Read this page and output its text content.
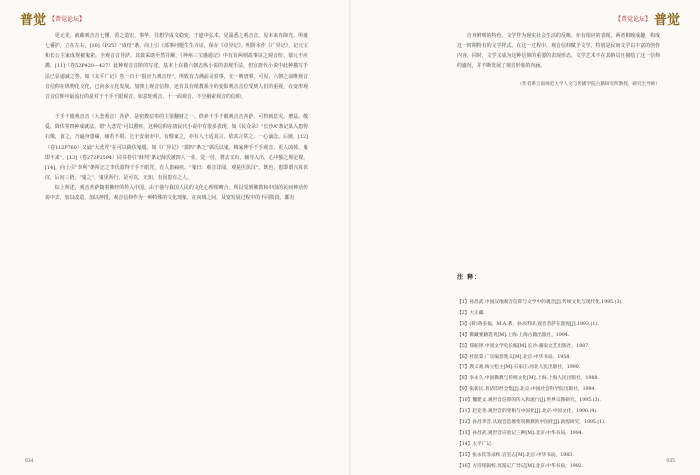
普觉 【普觉论坛】

更元羌，就蕨观音音七懂，香之造宏，事华，往想学成文稳变，于道中弘术，见淄悉之观音音，见本来肯降光，所诞七番护，立在左右，[10]《P25》“成结”条，向上引《部事问题生生寺证，保存《卓异记》。明阶本作《广异记》，记元宝和长公主家成规被鬼索，全观音音菩萨，其致采助至然并解，《神州三宝感通记》中有有两则故事证之观音纷。郁元不应灌。[11]（卷52P420—427）此种观音音阶的写述，基本上在微六朝志纵小说的表现手法，但宣唐代小说中此种描写手法已显递减之势。如《太平广记》卷一百十“报应九观音经”，所收有力满前灵验事，无一则唐事，可见，六朝之前唯观音音信仰在纵物化文化，已向多元化发展。加弹上观音信仰，还有具有纸教系全的变影观音音位受到人们的重视，在变形观音音信仰中最流行的是对于千手千眼观音、如意轮观音、十一面观音、不空羂索观音的信仰。

千手千眼观音音（大悲观音）菩萨，是密教信奉的主要翻财之一。供养千手千眼观音音菩萨，可得到息灾、增益、敬爱、降伏等四种成就法。谓“大悲咒”可以愈疾，这种信仰在唐民代小说中有很多表现。如《民众录》“长沙A”条记某入患得石像，食之，乃遍身患痫，痛若不堪。乞于安南市中，有缝家之，亦有人士适其言，依其言常之，一心诵念。后她，[12]（卷112P760）又诵“大悲咒”在可以降伏鬼缰。如《广异记》“郭四”条之“郭氏以鬼，梅家伸手千手观音，更人凶掉，鬼即不来”。[13]（卷272P2594）同书卷引“薛判”条记薛氏被四人一业，觉一付，将去又出，辅导入出，心中独之规定观。[14]，向上引“李利”条所记之李氏慕得千手千眼咒，有人患痫疾。“鬼曰：观音洋闻，观是医伏汉”。既也，患即谓兴真伏汉，后向三梧，“鬼之”，鬼见所行，是可以，无知，有因患有之人。

综上所述，观音菩萨随着佛经的传入中国，由于他与我国人民的文化心理相吻合，所以受到佛教和中国的民间神话传说中去，加以改造，加以神授，观音信仰作为一种特殊的文化现象，在向域之间，及宽发展过程中的不同阶段，都有

034
【普觉论坛】 普觉

自身鲜明的特色。文学作为现实社会生活的反映，亦有相应的表现，两者相映成趣，构成这一时期特有的文学样式。在这一过程中，观音信仰赋予文学，特别是民间文学以丰富的创作内容，同时，文学又成为这种信仰的重要的表现形态，文学艺术不在其纳员且描绘了这一信仰的盛况，并不断发展了观音形象的内涵。

（作者系云南师范大学人文与传播学院古籍研究所教授，研究生导师）

注 释：
【1】孙昌武.中国汉地观音信仰与文学中的观音[J].传统文化与现代化.1995.(3).
【2】大正藏.
【3】(荷)鲁多福，M.A.著，孙永明译.观音菩萨在敦煌[J].1993.(1).
【4】佛藏要籍选刊[M].上海:上海古籍出版社，1994.
【5】郑振铎.中国文学史长编[M].长沙:湖南文艺出版社，1987.
【6】杜荫棠.广宣编普苑义[M].北京:中华书局，1958.
【7】教义观.梅立松主[M].石家庄:河北人民出版社，1990.
【8】李永久.中国佛教与传统文化[M].上海:上海人民出版社，1988.
【9】张新民.普济印经全集[J].北京:中国社会科学院出版社，1994.
【10】魏建文.观世音信仰的传入和流行[J].世界宗教研究，1995.(3).
【11】赵克尧.观世音的变相与中国化[J].北京:中国文化，1990.(4).
【12】孙昌孝音.从观音造像变说佛教的中国化[J].敦煌研究，1995.(1).
【13】孙昌武.观世音应验记三种[M].北京:中华书局，1994.
【14】太平广记.
【15】张永钦等录校.宣室志[M].北京:中华书局，1983.
【16】方诗铭辑校.冥报记广异记[M].北京:中华书局，1992.
035
